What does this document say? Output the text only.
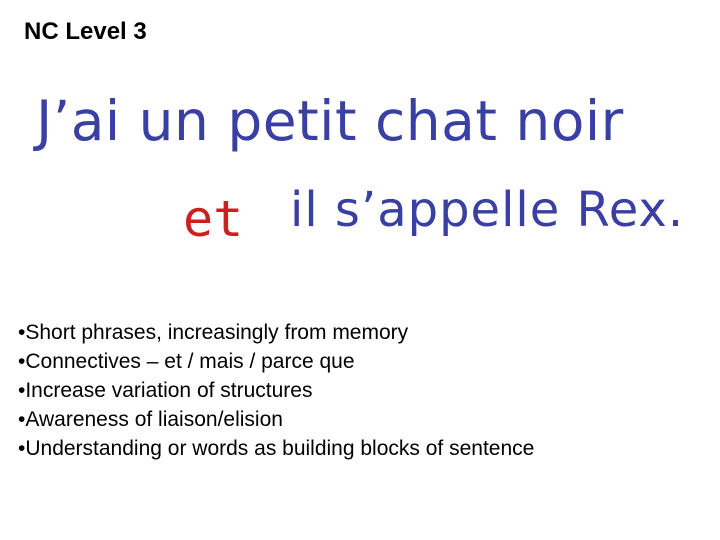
NC Level 3
J’ai un petit chat noir
et il s’appelle Rex.
•Short phrases, increasingly from memory
•Connectives – et / mais / parce que
•Increase variation of structures
•Awareness of liaison/elision
•Understanding or words as building blocks of sentence
